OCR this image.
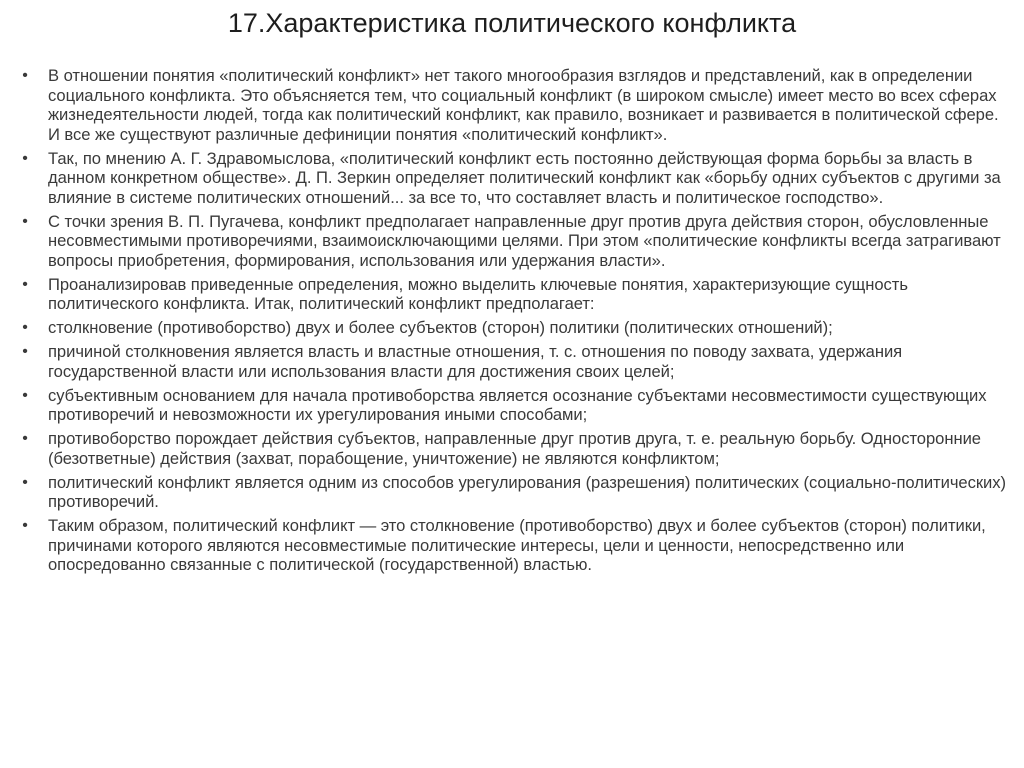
17.Характеристика политического конфликта
• В отношении понятия «политический конфликт» нет такого многообразия взглядов и представлений, как в определении социального конфликта. Это объясняется тем, что социальный конфликт (в широком смысле) имеет место во всех сферах жизнедеятельности людей, тогда как политический конфликт, как правило, возникает и развивается в политической сфере. И все же существуют различные дефиниции понятия «политический конфликт».
• Так, по мнению А. Г. Здравомыслова, «политический конфликт есть постоянно действующая форма борьбы за власть в данном конкретном обществе». Д. П. Зеркин определяет политический конфликт как «борьбу одних субъектов с другими за влияние в системе политических отношений... за все то, что составляет власть и политическое господство».
• С точки зрения В. П. Пугачева, конфликт предполагает направленные друг против друга действия сторон, обусловленные несовместимыми противоречиями, взаимоисключающими целями. При этом «политические конфликты всегда затрагивают вопросы приобретения, формирования, использования или удержания власти».
• Проанализировав приведенные определения, можно выделить ключевые понятия, характеризующие сущность политического конфликта. Итак, политический конфликт предполагает:
• столкновение (противоборство) двух и более субъектов (сторон) политики (политических отношений);
• причиной столкновения является власть и властные отношения, т. с. отношения по поводу захвата, удержания государственной власти или использования власти для достижения своих целей;
• субъективным основанием для начала противоборства является осознание субъектами несовместимости существующих противоречий и невозможности их урегулирования иными способами;
• противоборство порождает действия субъектов, направленные друг против друга, т. е. реальную борьбу. Односторонние (безответные) действия (захват, порабощение, уничтожение) не являются конфликтом;
• политический конфликт является одним из способов урегулирования (разрешения) политических (социально-политических) противоречий.
• Таким образом, политический конфликт — это столкновение (противоборство) двух и более субъектов (сторон) политики, причинами которого являются несовместимые политические интересы, цели и ценности, непосредственно или опосредованно связанные с политической (государственной) властью.
